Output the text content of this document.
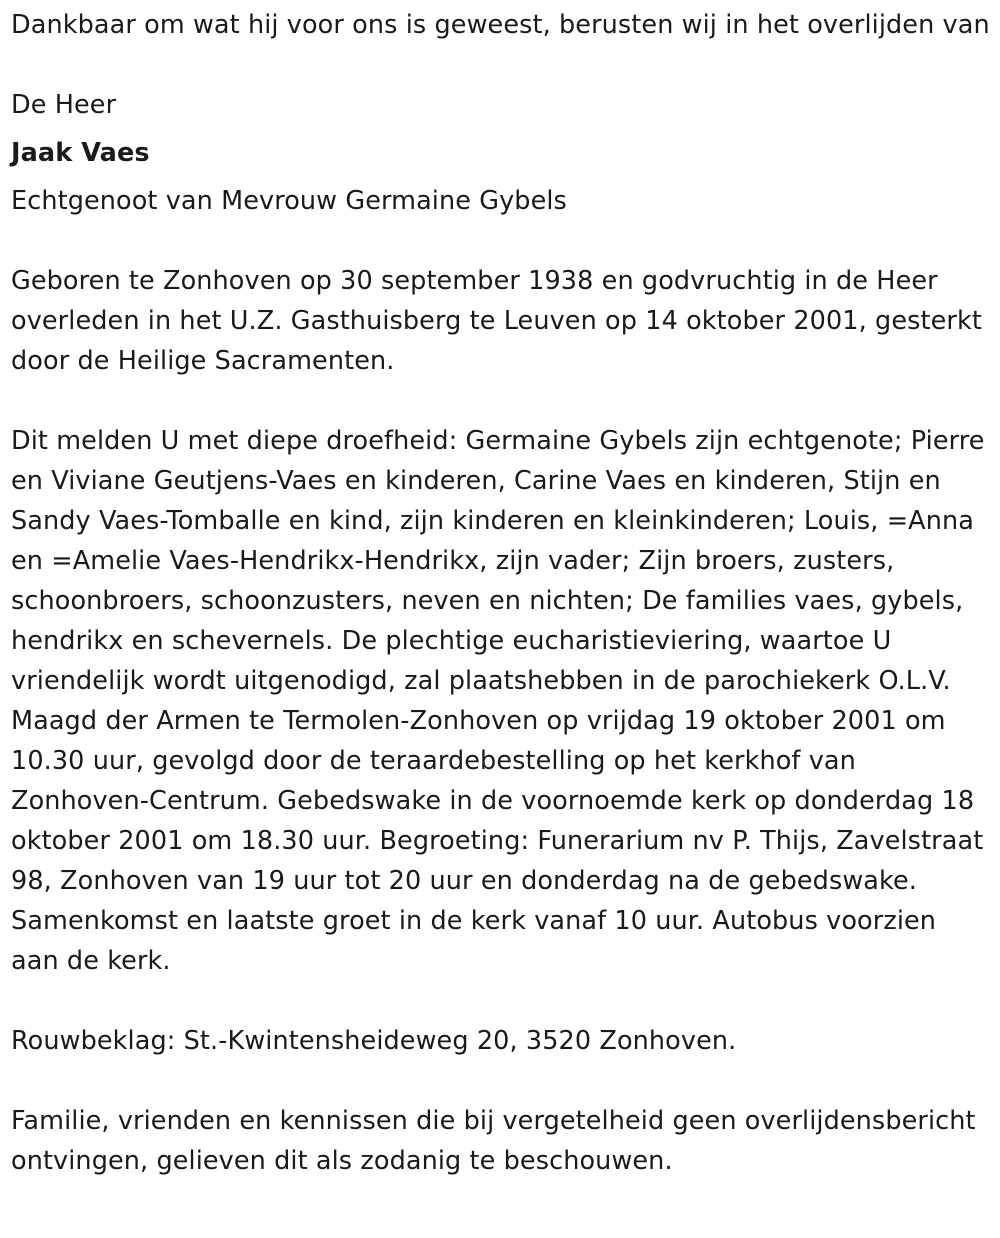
Dankbaar om wat hij voor ons is geweest, berusten wij in het overlijden van

De Heer

Jaak Vaes

Echtgenoot van Mevrouw Germaine Gybels

Geboren te Zonhoven op 30 september 1938 en godvruchtig in de Heer overleden in het U.Z. Gasthuisberg te Leuven op 14 oktober 2001, gesterkt door de Heilige Sacramenten.

Dit melden U met diepe droefheid: Germaine Gybels zijn echtgenote; Pierre en Viviane Geutjens-Vaes en kinderen, Carine Vaes en kinderen, Stijn en Sandy Vaes-Tomballe en kind, zijn kinderen en kleinkinderen; Louis, =Anna en =Amelie Vaes-Hendrikx-Hendrikx, zijn vader; Zijn broers, zusters, schoonbroers, schoonzusters, neven en nichten; De families vaes, gybels, hendrikx en schevernels. De plechtige eucharistieviering, waartoe U vriendelijk wordt uitgenodigd, zal plaatshebben in de parochiekerk O.L.V. Maagd der Armen te Termolen-Zonhoven op vrijdag 19 oktober 2001 om 10.30 uur, gevolgd door de teraardebestelling op het kerkhof van Zonhoven-Centrum. Gebedswake in de voornoemde kerk op donderdag 18 oktober 2001 om 18.30 uur. Begroeting: Funerarium nv P. Thijs, Zavelstraat 98, Zonhoven van 19 uur tot 20 uur en donderdag na de gebedswake. Samenkomst en laatste groet in de kerk vanaf 10 uur. Autobus voorzien aan de kerk.

Rouwbeklag: St.-Kwintensheideweg 20, 3520 Zonhoven.

Familie, vrienden en kennissen die bij vergetelheid geen overlijdensbericht ontvingen, gelieven dit als zodanig te beschouwen.
